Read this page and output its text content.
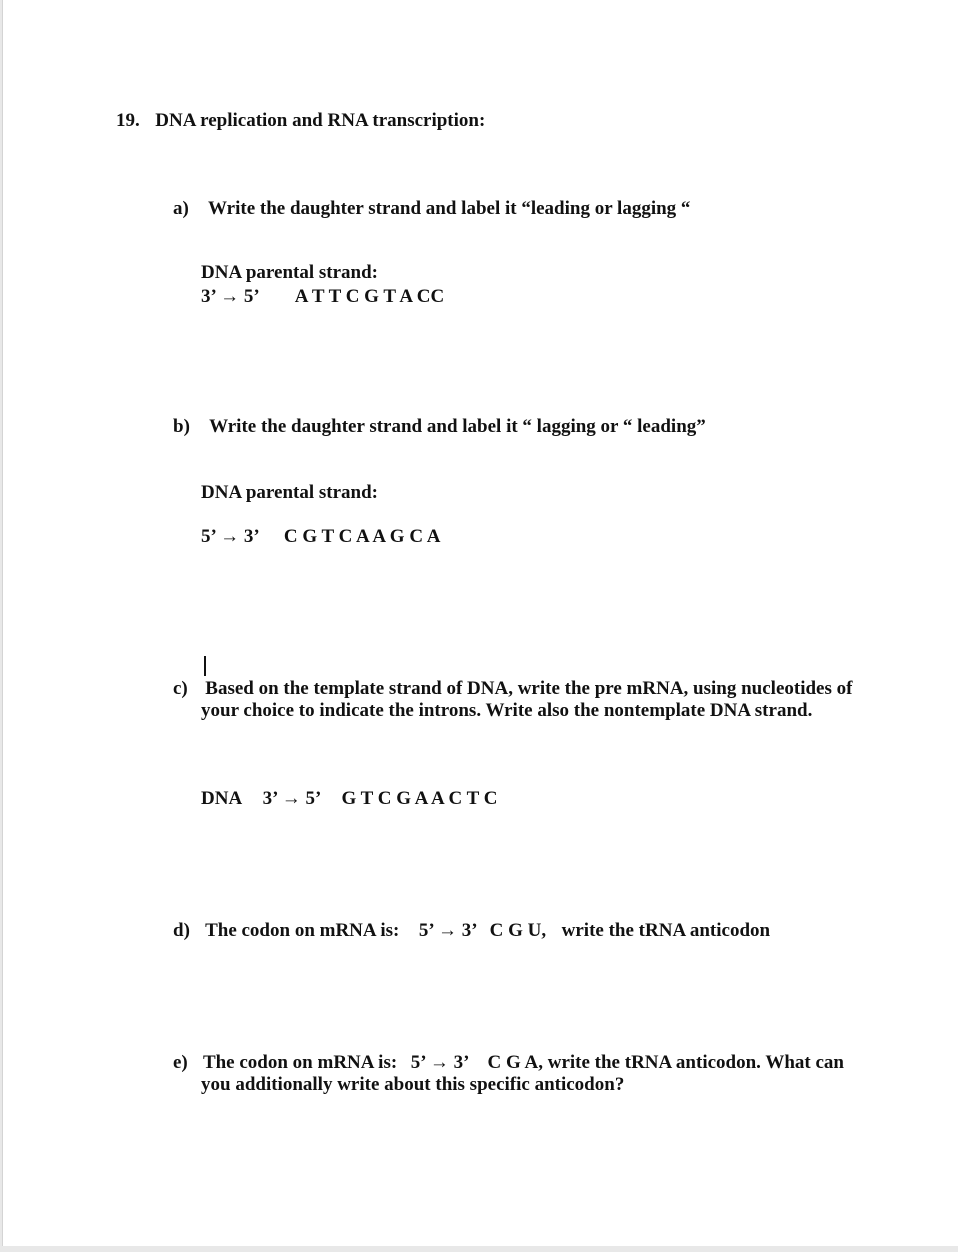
19. DNA replication and RNA transcription:
a) Write the daughter strand and label it “leading or lagging “
DNA parental strand:
3’ → 5’ A T T C G T A CC
b) Write the daughter strand and label it “ lagging or “ leading”
DNA parental strand:
5’ → 3’ C G T C A A G C A
c) Based on the template strand of DNA, write the pre mRNA, using nucleotides of
your choice to indicate the introns. Write also the nontemplate DNA strand.
DNA 3’ → 5’ G T C G A A C T C
d) The codon on mRNA is: 5’ → 3’ C G U, write the tRNA anticodon
e) The codon on mRNA is: 5’ → 3’ C G A, write the tRNA anticodon. What can
you additionally write about this specific anticodon?
